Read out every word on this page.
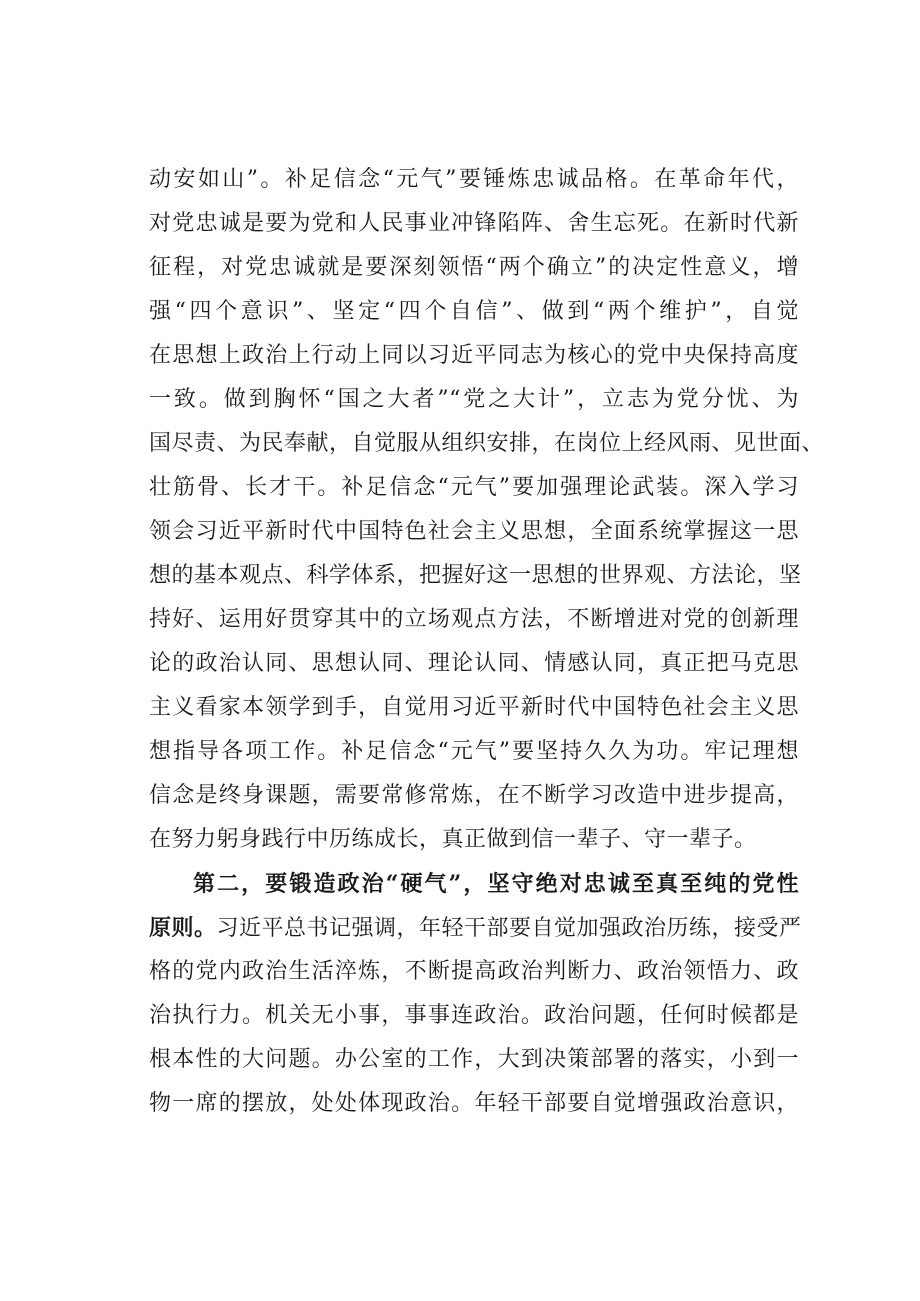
动安如山”。补足信念“元气”要锤炼忠诚品格。在革命年代，
对党忠诚是要为党和人民事业冲锋陷阵、舍生忘死。在新时代新
征程，对党忠诚就是要深刻领悟“两个确立”的决定性意义，增
强“四个意识”、坚定“四个自信”、做到“两个维护”，自觉
在思想上政治上行动上同以习近平同志为核心的党中央保持高度
一致。做到胸怀“国之大者”“党之大计”，立志为党分忧、为
国尽责、为民奉献，自觉服从组织安排，在岗位上经风雨、见世面、
壮筋骨、长才干。补足信念“元气”要加强理论武装。深入学习
领会习近平新时代中国特色社会主义思想，全面系统掌握这一思
想的基本观点、科学体系，把握好这一思想的世界观、方法论，坚
持好、运用好贯穿其中的立场观点方法，不断增进对党的创新理
论的政治认同、思想认同、理论认同、情感认同，真正把马克思
主义看家本领学到手，自觉用习近平新时代中国特色社会主义思
想指导各项工作。补足信念“元气”要坚持久久为功。牢记理想
信念是终身课题，需要常修常炼，在不断学习改造中进步提高，
在努力躬身践行中历练成长，真正做到信一辈子、守一辈子。
第二，要锻造政治“硬气”，坚守绝对忠诚至真至纯的党性
原则。习近平总书记强调，年轻干部要自觉加强政治历练，接受严
格的党内政治生活淬炼，不断提高政治判断力、政治领悟力、政
治执行力。机关无小事，事事连政治。政治问题，任何时候都是
根本性的大问题。办公室的工作，大到决策部署的落实，小到一
物一席的摆放，处处体现政治。年轻干部要自觉增强政治意识，
